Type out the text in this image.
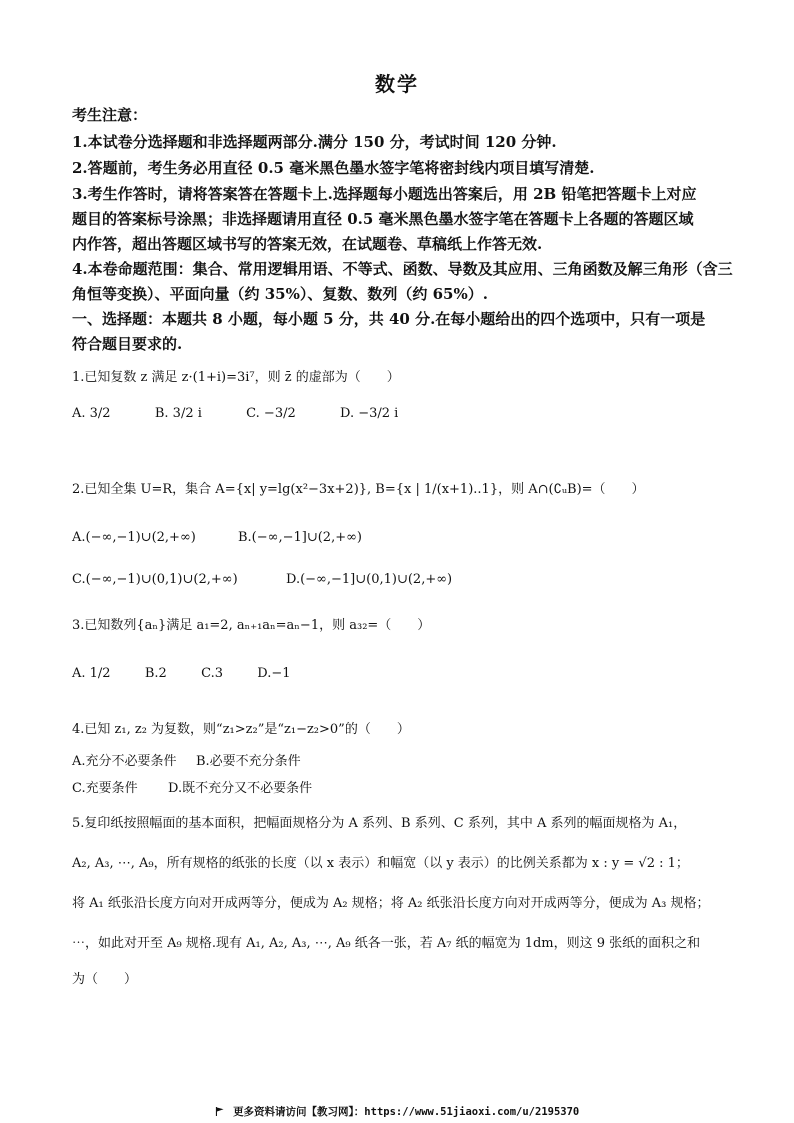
数学
考生注意：
1.本试卷分选择题和非选择题两部分.满分 150 分，考试时间 120 分钟.
2.答题前，考生务必用直径 0.5 毫米黑色墨水签字笔将密封线内项目填写清楚.
3.考生作答时，请将答案答在答题卡上.选择题每小题选出答案后，用 2B 铅笔把答题卡上对应
题目的答案标号涂黑；非选择题请用直径 0.5 毫米黑色墨水签字笔在答题卡上各题的答题区域
内作答，超出答题区域书写的答案无效，在试题卷、草稿纸上作答无效.
4.本卷命题范围：集合、常用逻辑用语、不等式、函数、导数及其应用、三角函数及解三角形（含三
角恒等变换）、平面向量（约 35%）、复数、数列（约 65%）.
一、选择题：本题共 8 小题，每小题 5 分，共 40 分.在每小题给出的四个选项中，只有一项是
符合题目要求的.
1.已知复数 z 满足 z·(1+i)=3i⁷，则 z̄ 的虚部为（　　）
A. 3/2	B. 3/2 i	C. −3/2	D. −3/2 i
2.已知全集 U=R，集合 A={x| y=lg(x²−3x+2)}, B={x | 1/(x+1)..1}，则 A∩(∁ᵤB)=（　　）
A.(−∞,−1)∪(2,+∞)	B.(−∞,−1]∪(2,+∞)
C.(−∞,−1)∪(0,1)∪(2,+∞)	D.(−∞,−1]∪(0,1)∪(2,+∞)
3.已知数列{aₙ}满足 a₁=2, aₙ₊₁aₙ=aₙ−1，则 a₃₂=（　　）
A. 1/2	B.2	C.3	D.−1
4.已知 z₁, z₂ 为复数，则“z₁>z₂”是“z₁−z₂>0”的（　　）
A.充分不必要条件 B.必要不充分条件
C.充要条件 D.既不充分又不必要条件
5.复印纸按照幅面的基本面积，把幅面规格分为 A 系列、B 系列、C 系列，其中 A 系列的幅面规格为 A₁，
A₂, A₃, ⋯, A₉，所有规格的纸张的长度（以 x 表示）和幅宽（以 y 表示）的比例关系都为 x : y = √2 : 1；
将 A₁ 纸张沿长度方向对开成两等分，便成为 A₂ 规格；将 A₂ 纸张沿长度方向对开成两等分，便成为 A₃ 规格；
⋯，如此对开至 A₉ 规格.现有 A₁, A₂, A₃, ⋯, A₉ 纸各一张，若 A₇ 纸的幅宽为 1dm，则这 9 张纸的面积之和
为（　　）
更多资料请访问【教习网】：https://www.51jiaoxi.com/u/2195370
